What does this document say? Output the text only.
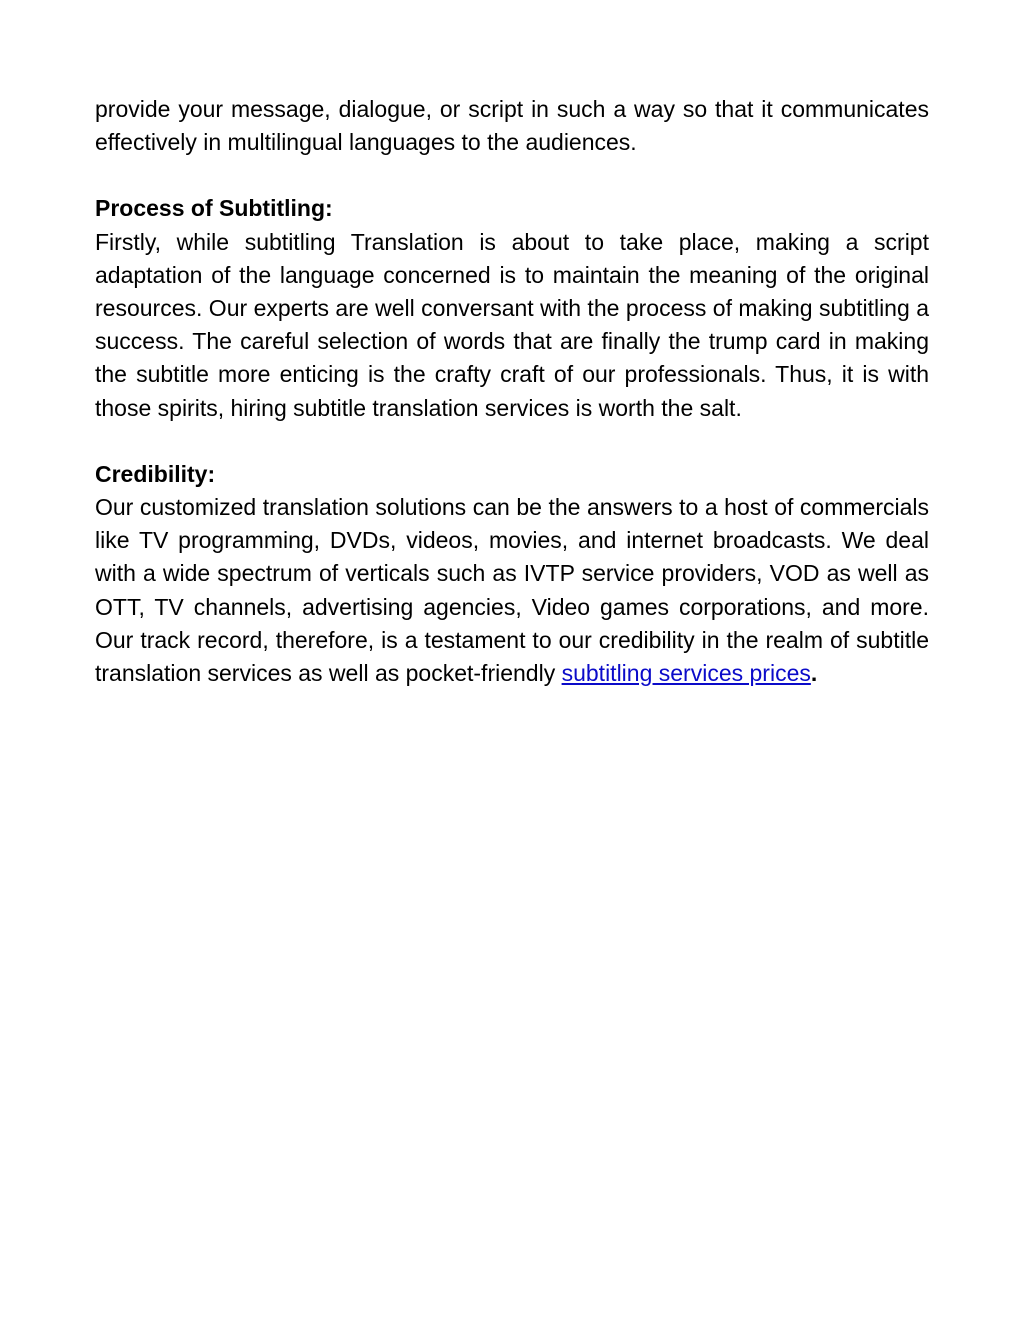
provide your message, dialogue, or script in such a way so that it communicates effectively in multilingual languages to the audiences.

Process of Subtitling:

Firstly, while subtitling Translation is about to take place, making a script adaptation of the language concerned is to maintain the meaning of the original resources. Our experts are well conversant with the process of making subtitling a success. The careful selection of words that are finally the trump card in making the subtitle more enticing is the crafty craft of our professionals. Thus, it is with those spirits, hiring subtitle translation services is worth the salt.

Credibility:

Our customized translation solutions can be the answers to a host of commercials like TV programming, DVDs, videos, movies, and internet broadcasts. We deal with a wide spectrum of verticals such as IVTP service providers, VOD as well as OTT, TV channels, advertising agencies, Video games corporations, and more. Our track record, therefore, is a testament to our credibility in the realm of subtitle translation services as well as pocket-friendly subtitling services prices.
